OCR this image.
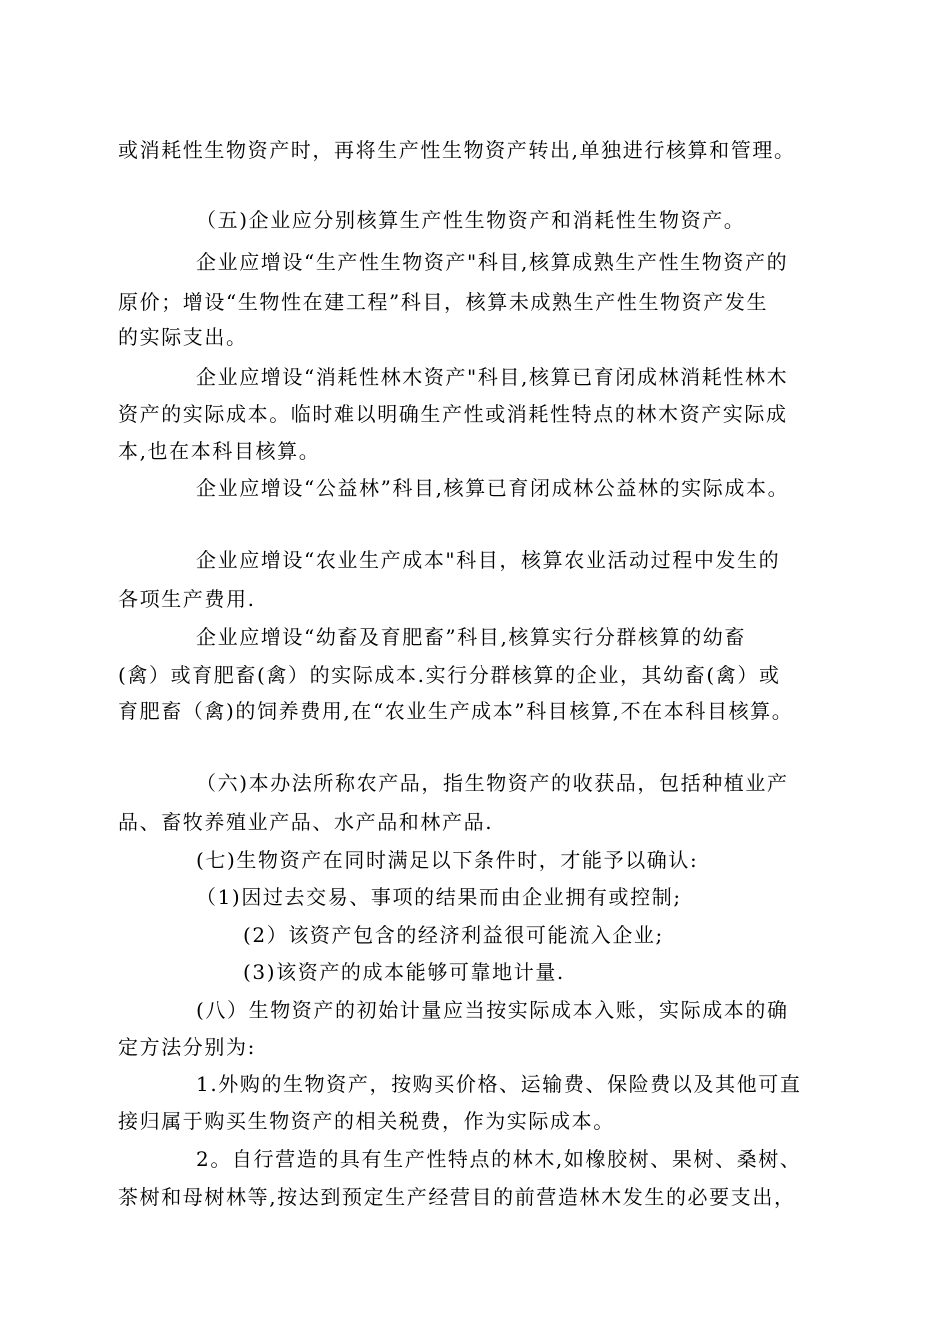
或消耗性生物资产时，再将生产性生物资产转出,单独进行核算和管理。
（五)企业应分别核算生产性生物资产和消耗性生物资产。
企业应增设“生产性生物资产"科目,核算成熟生产性生物资产的
原价；增设“生物性在建工程”科目，核算未成熟生产性生物资产发生
的实际支出。
企业应增设“消耗性林木资产"科目,核算已育闭成林消耗性林木
资产的实际成本。临时难以明确生产性或消耗性特点的林木资产实际成
本,也在本科目核算。
企业应增设“公益林”科目,核算已育闭成林公益林的实际成本。
企业应增设“农业生产成本"科目，核算农业活动过程中发生的
各项生产费用.
企业应增设“幼畜及育肥畜”科目,核算实行分群核算的幼畜
(禽）或育肥畜(禽）的实际成本.实行分群核算的企业，其幼畜(禽）或
育肥畜（禽)的饲养费用,在“农业生产成本”科目核算,不在本科目核算。
（六)本办法所称农产品，指生物资产的收获品，包括种植业产
品、畜牧养殖业产品、水产品和林产品.
(七)生物资产在同时满足以下条件时，才能予以确认:
（1)因过去交易、事项的结果而由企业拥有或控制;
(2）该资产包含的经济利益很可能流入企业;
(3)该资产的成本能够可靠地计量.
(八）生物资产的初始计量应当按实际成本入账，实际成本的确
定方法分别为:
1.外购的生物资产，按购买价格、运输费、保险费以及其他可直
接归属于购买生物资产的相关税费，作为实际成本。
2。自行营造的具有生产性特点的林木,如橡胶树、果树、桑树、
茶树和母树林等,按达到预定生产经营目的前营造林木发生的必要支出，
